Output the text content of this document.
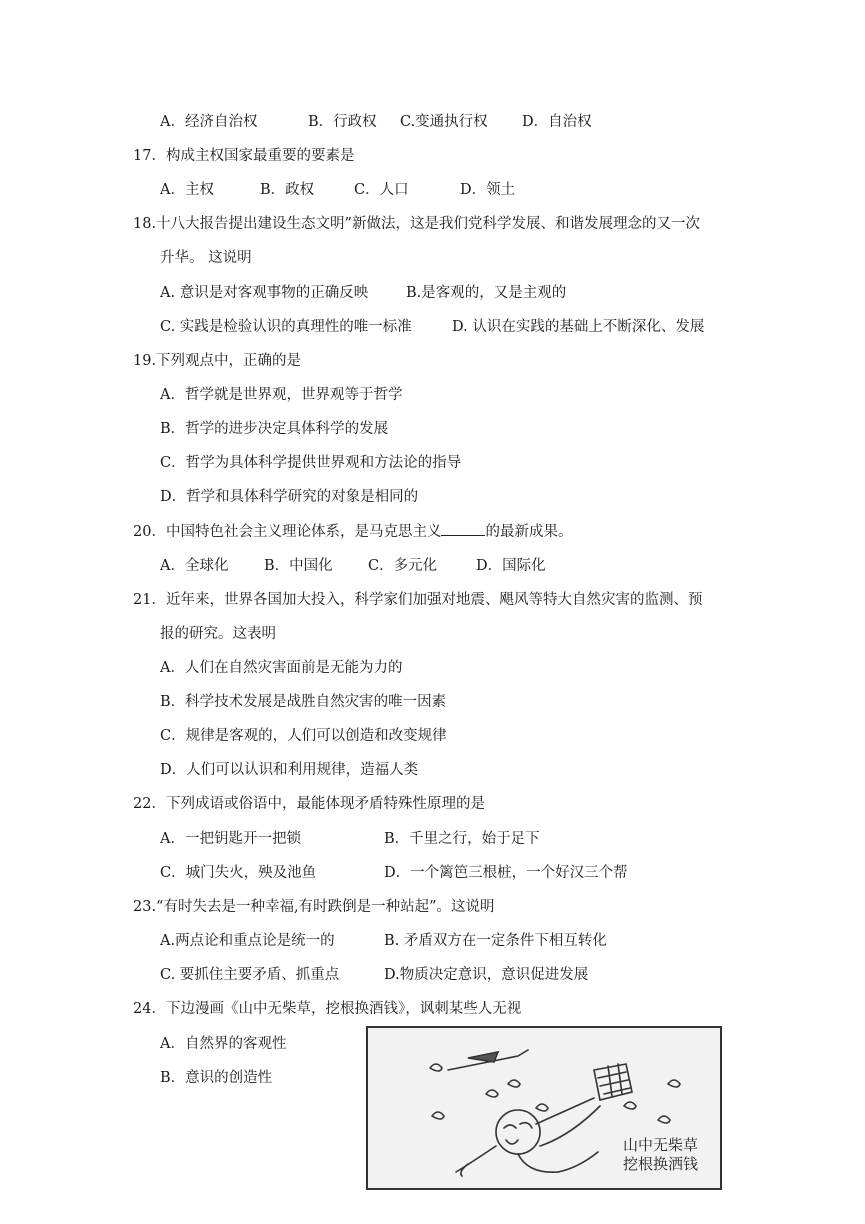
A．经济自治权	B．行政权 C.变通执行权 D．自治权
17．构成主权国家最重要的要素是
A．主权	B．政权	C．人口	D．领土
18.十八大报告提出建设生态文明”新做法，这是我们党科学发展、和谐发展理念的又一次
升华。 这说明
A. 意识是对客观事物的正确反映	B.是客观的，又是主观的
C. 实践是检验认识的真理性的唯一标准	D. 认识在实践的基础上不断深化、发展
19.下列观点中，正确的是
A．哲学就是世界观，世界观等于哲学
B．哲学的进步决定具体科学的发展
C．哲学为具体科学提供世界观和方法论的指导
D．哲学和具体科学研究的对象是相同的
20．中国特色社会主义理论体系，是马克思主义	的最新成果。
A．全球化 B．中国化 C．多元化	D．国际化
21．近年来，世界各国加大投入，科学家们加强对地震、飓风等特大自然灾害的监测、预
报的研究。这表明
A．人们在自然灾害面前是无能为力的
B．科学技术发展是战胜自然灾害的唯一因素
C．规律是客观的，人们可以创造和改变规律
D．人们可以认识和利用规律，造福人类
22．下列成语或俗语中，最能体现矛盾特殊性原理的是
A．一把钥匙开一把锁	B．千里之行，始于足下
C．城门失火，殃及池鱼	D．一个篱笆三根桩，一个好汉三个帮
23.“有时失去是一种幸福,有时跌倒是一种站起”。这说明
A.两点论和重点论是统一的	B. 矛盾双方在一定条件下相互转化
C. 要抓住主要矛盾、抓重点	D.物质决定意识，意识促进发展
24．下边漫画《山中无柴草，挖根换酒钱》，讽刺某些人无视
A．自然界的客观性
B．意识的创造性
山中无柴草
挖根换洒钱
